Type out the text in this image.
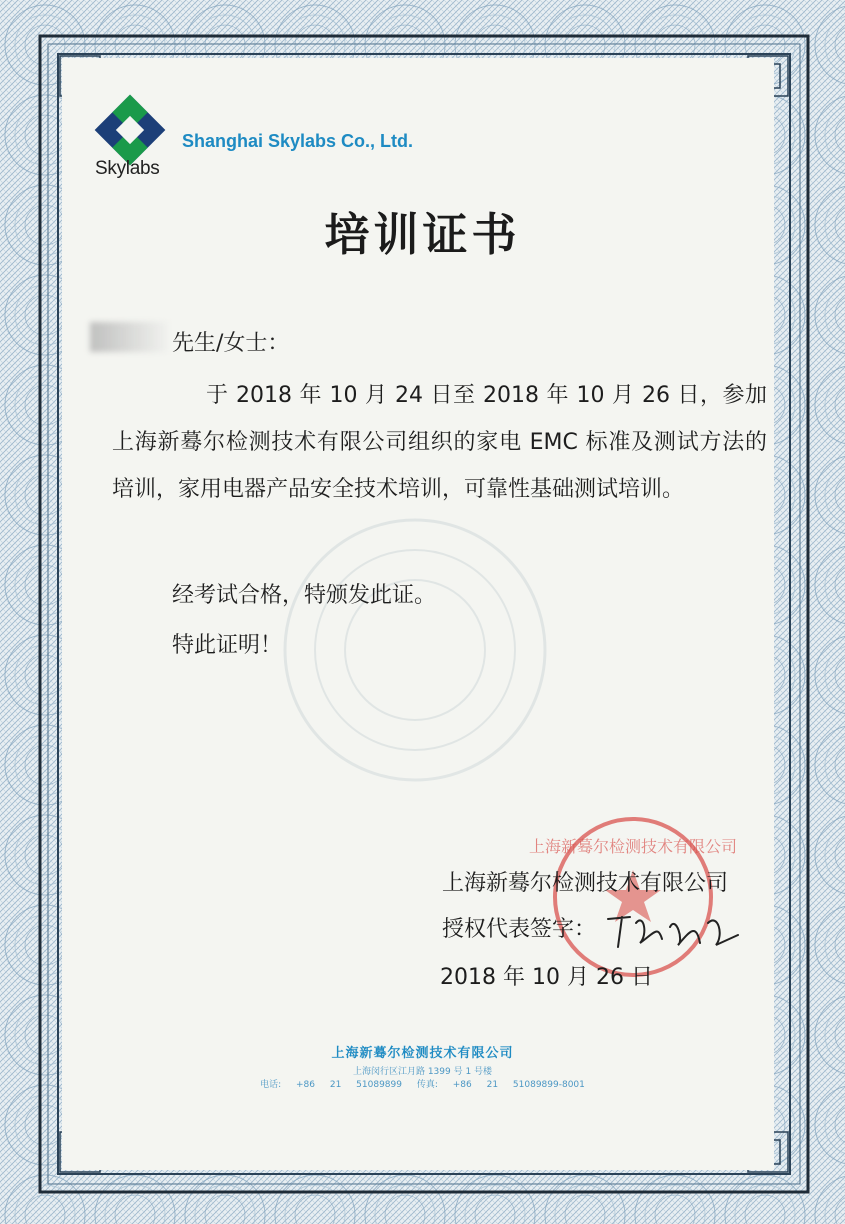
Skylabs
Shanghai Skylabs Co., Ltd.
培训证书
先生/女士：

于 2018 年 10 月 24 日至 2018 年 10 月 26 日，参加上海新蓦尔检测技术有限公司组织的家电 EMC 标准及测试方法的培训，家用电器产品安全技术培训，可靠性基础测试培训。

经考试合格，特颁发此证。
特此证明！
上海新蓦尔检测技术有限公司
上海新蓦尔检测技术有限公司
授权代表签字：
2018 年 10 月 26 日
上海新蓦尔检测技术有限公司
上海闵行区江月路 1399 号 1 号楼
电话: +86 21 51089899 传真: +86 21 51089899-8001
